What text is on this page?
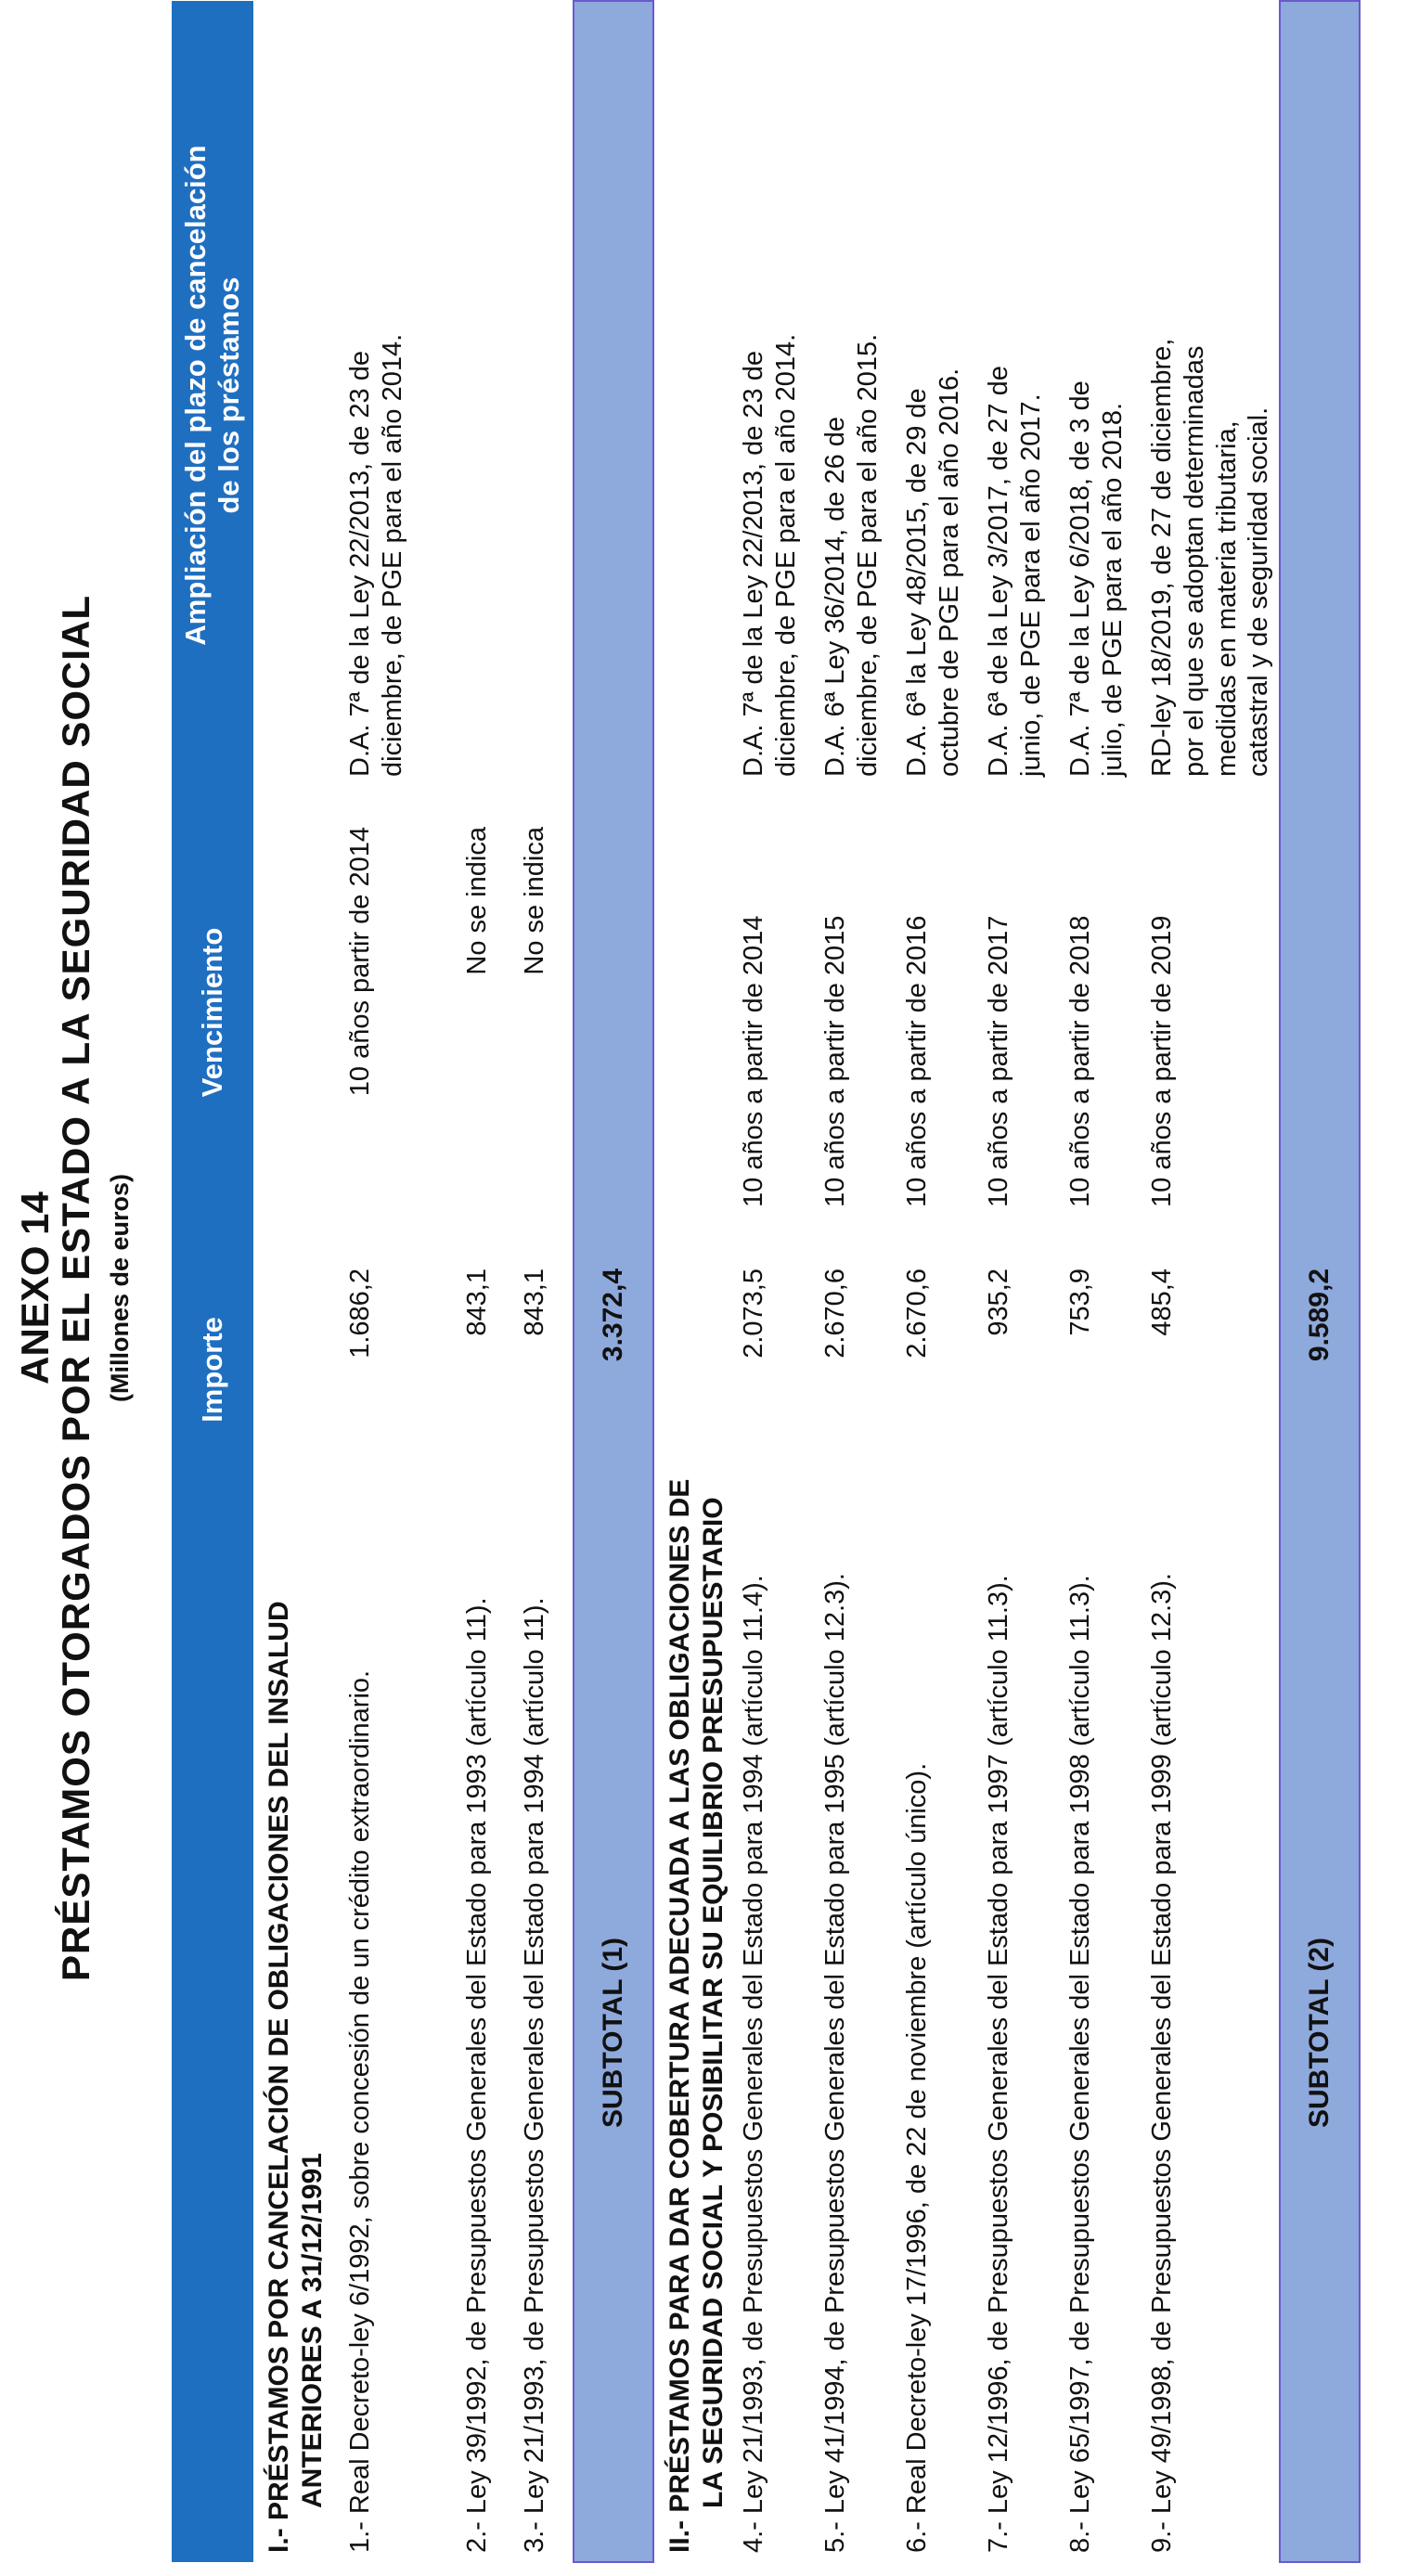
ANEXO 14
PRÉSTAMOS OTORGADOS POR EL ESTADO A LA SEGURIDAD SOCIAL (Millones de euros)
	Importe	Vencimiento	Ampliación del plazo de cancelación de los préstamos

I.- PRÉSTAMOS POR CANCELACIÓN DE OBLIGACIONES DEL INSALUD ANTERIORES A 31/12/1991			

1.- Real Decreto-ley 6/1992, sobre concesión de un crédito extraordinario.	1.686,2	10 años partir de 2014	D.A. 7ª de la Ley 22/2013, de 23 de diciembre, de PGE para el año 2014.

2.- Ley 39/1992, de Presupuestos Generales del Estado para 1993 (artículo 11).	843,1	No se indica	
3.- Ley 21/1993, de Presupuestos Generales del Estado para 1994 (artículo 11).	843,1	No se indica	
SUBTOTAL (1)	3.372,4		
II.- PRÉSTAMOS PARA DAR COBERTURA ADECUADA A LAS OBLIGACIONES DE LA SEGURIDAD SOCIAL Y POSIBILITAR SU EQUILIBRIO PRESUPUESTARIO			

4.- Ley 21/1993, de Presupuestos Generales del Estado para 1994 (artículo 11.4).	2.073,5	10 años a partir de 2014	D.A. 7ª de la Ley 22/2013, de 23 de diciembre, de PGE para el año 2014.

5.- Ley 41/1994, de Presupuestos Generales del Estado para 1995 (artículo 12.3).	2.670,6	10 años a partir de 2015	D.A. 6ª Ley 36/2014, de 26 de diciembre, de PGE para el año 2015.

6.- Real Decreto-ley 17/1996, de 22 de noviembre (artículo único).	2.670,6	10 años a partir de 2016	D.A. 6ª la Ley 48/2015, de 29 de octubre de PGE para el año 2016.

7.- Ley 12/1996, de Presupuestos Generales del Estado para 1997 (artículo 11.3).	935,2	10 años a partir de 2017	D.A. 6ª de la Ley 3/2017, de 27 de junio, de PGE para el año 2017.

8.- Ley 65/1997, de Presupuestos Generales del Estado para 1998 (artículo 11.3).	753,9	10 años a partir de 2018	D.A. 7ª de la Ley 6/2018, de 3 de julio, de PGE para el año 2018.

9.- Ley 49/1998, de Presupuestos Generales del Estado para 1999 (artículo 12.3).	485,4	10 años a partir de 2019	RD-ley 18/2019, de 27 de diciembre, por el que se adoptan determinadas medidas en materia tributaria, catastral y de seguridad social.

SUBTOTAL (2)	9.589,2		
